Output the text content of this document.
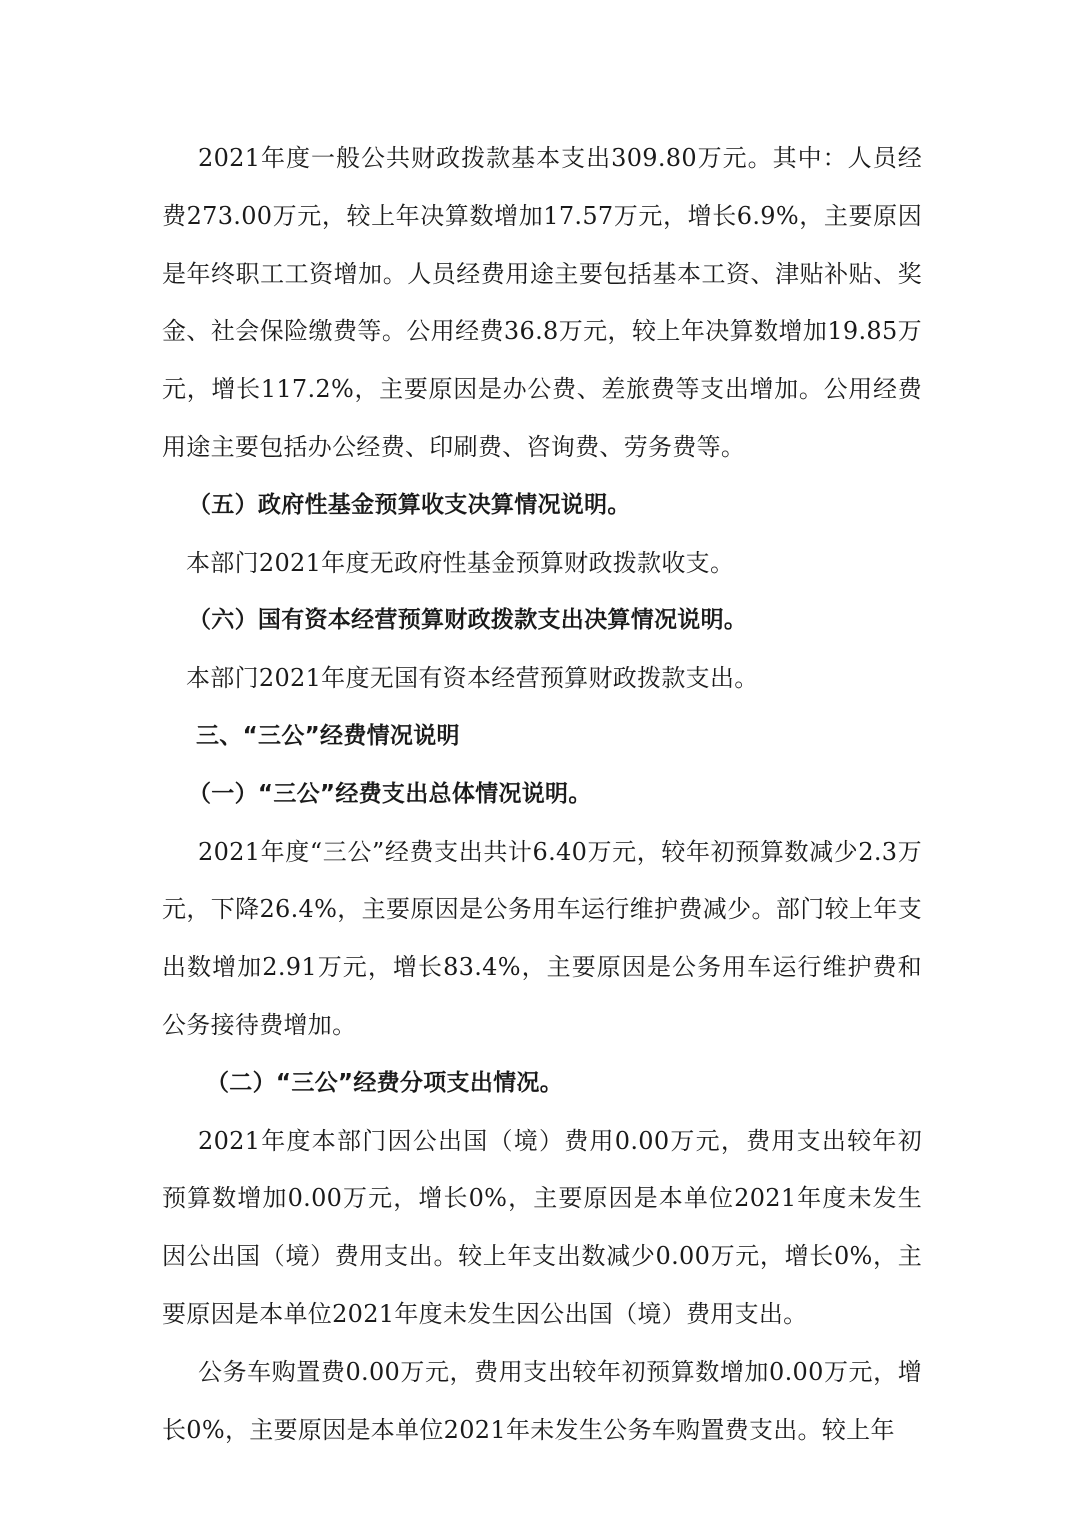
2021年度一般公共财政拨款基本支出309.80万元。其中：人员经费273.00万元，较上年决算数增加17.57万元，增长6.9%，主要原因是年终职工工资增加。人员经费用途主要包括基本工资、津贴补贴、奖金、社会保险缴费等。公用经费36.8万元，较上年决算数增加19.85万元，增长117.2%，主要原因是办公费、差旅费等支出增加。公用经费用途主要包括办公经费、印刷费、咨询费、劳务费等。

（五）政府性基金预算收支决算情况说明。

本部门2021年度无政府性基金预算财政拨款收支。

（六）国有资本经营预算财政拨款支出决算情况说明。

本部门2021年度无国有资本经营预算财政拨款支出。

三、“三公”经费情况说明

（一）“三公”经费支出总体情况说明。

2021年度“三公”经费支出共计6.40万元，较年初预算数减少2.3万元，下降26.4%，主要原因是公务用车运行维护费减少。部门较上年支出数增加2.91万元，增长83.4%，主要原因是公务用车运行维护费和公务接待费增加。

（二）“三公”经费分项支出情况。

2021年度本部门因公出国（境）费用0.00万元，费用支出较年初预算数增加0.00万元，增长0%，主要原因是本单位2021年度未发生因公出国（境）费用支出。较上年支出数减少0.00万元，增长0%，主要原因是本单位2021年度未发生因公出国（境）费用支出。

公务车购置费0.00万元，费用支出较年初预算数增加0.00万元，增长0%，主要原因是本单位2021年未发生公务车购置费支出。较上年
